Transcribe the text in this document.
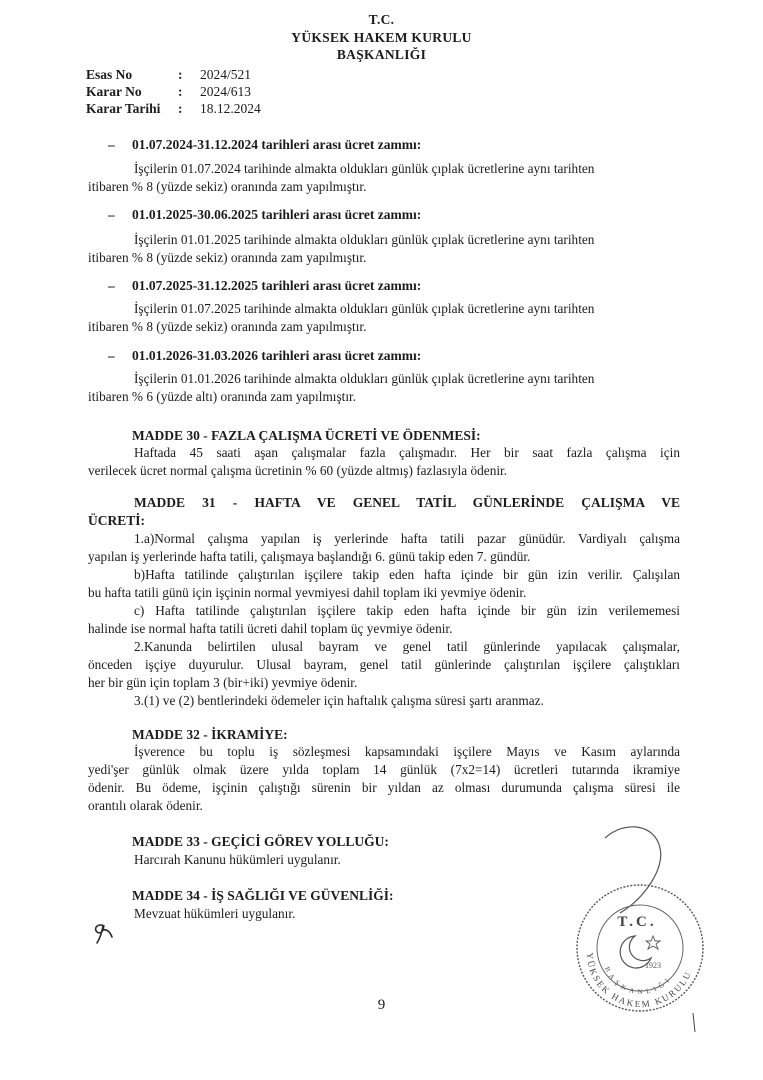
T.C.
YÜKSEK HAKEM KURULU
BAŞKANLIĞI
Esas No	:	2024/521
Karar No	:	2024/613
Karar Tarihi	:	18.12.2024
– 01.07.2024-31.12.2024 tarihleri arası ücret zammı:

İşçilerin 01.07.2024 tarihinde almakta oldukları günlük çıplak ücretlerine aynı tarihten

itibaren % 8 (yüzde sekiz) oranında zam yapılmıştır.

– 01.01.2025-30.06.2025 tarihleri arası ücret zammı:

İşçilerin 01.01.2025 tarihinde almakta oldukları günlük çıplak ücretlerine aynı tarihten

itibaren % 8 (yüzde sekiz) oranında zam yapılmıştır.

– 01.07.2025-31.12.2025 tarihleri arası ücret zammı:

İşçilerin 01.07.2025 tarihinde almakta oldukları günlük çıplak ücretlerine aynı tarihten

itibaren % 8 (yüzde sekiz) oranında zam yapılmıştır.

– 01.01.2026-31.03.2026 tarihleri arası ücret zammı:

İşçilerin 01.01.2026 tarihinde almakta oldukları günlük çıplak ücretlerine aynı tarihten

itibaren % 6 (yüzde altı) oranında zam yapılmıştır.

MADDE 30 - FAZLA ÇALIŞMA ÜCRETİ VE ÖDENMESİ:

Haftada 45 saati aşan çalışmalar fazla çalışmadır. Her bir saat fazla çalışma için

verilecek ücret normal çalışma ücretinin % 60 (yüzde altmış) fazlasıyla ödenir.

MADDE 31 - HAFTA VE GENEL TATİL GÜNLERİNDE ÇALIŞMA VE

ÜCRETİ:

1.a)Normal çalışma yapılan iş yerlerinde hafta tatili pazar günüdür. Vardiyalı çalışma

yapılan iş yerlerinde hafta tatili, çalışmaya başlandığı 6. günü takip eden 7. gündür.

b)Hafta tatilinde çalıştırılan işçilere takip eden hafta içinde bir gün izin verilir. Çalışılan

bu hafta tatili günü için işçinin normal yevmiyesi dahil toplam iki yevmiye ödenir.

c) Hafta tatilinde çalıştırılan işçilere takip eden hafta içinde bir gün izin verilememesi

halinde ise normal hafta tatili ücreti dahil toplam üç yevmiye ödenir.

2.Kanunda belirtilen ulusal bayram ve genel tatil günlerinde yapılacak çalışmalar,

önceden işçiye duyurulur. Ulusal bayram, genel tatil günlerinde çalıştırılan işçilere çalıştıkları

her bir gün için toplam 3 (bir+iki) yevmiye ödenir.

3.(1) ve (2) bentlerindeki ödemeler için haftalık çalışma süresi şartı aranmaz.

MADDE 32 - İKRAMİYE:

İşverence bu toplu iş sözleşmesi kapsamındaki işçilere Mayıs ve Kasım aylarında

yedi'şer günlük olmak üzere yılda toplam 14 günlük (7x2=14) ücretleri tutarında ikramiye

ödenir. Bu ödeme, işçinin çalıştığı sürenin bir yıldan az olması durumunda çalışma süresi ile

orantılı olarak ödenir.

MADDE 33 - GEÇİCİ GÖREV YOLLUĞU:

Harcırah Kanunu hükümleri uygulanır.

MADDE 34 - İŞ SAĞLIĞI VE GÜVENLİĞİ:

Mevzuat hükümleri uygulanır.

T.C.
1923
YÜKSEK HAKEM KURULU
BAŞKANLIĞI
9
